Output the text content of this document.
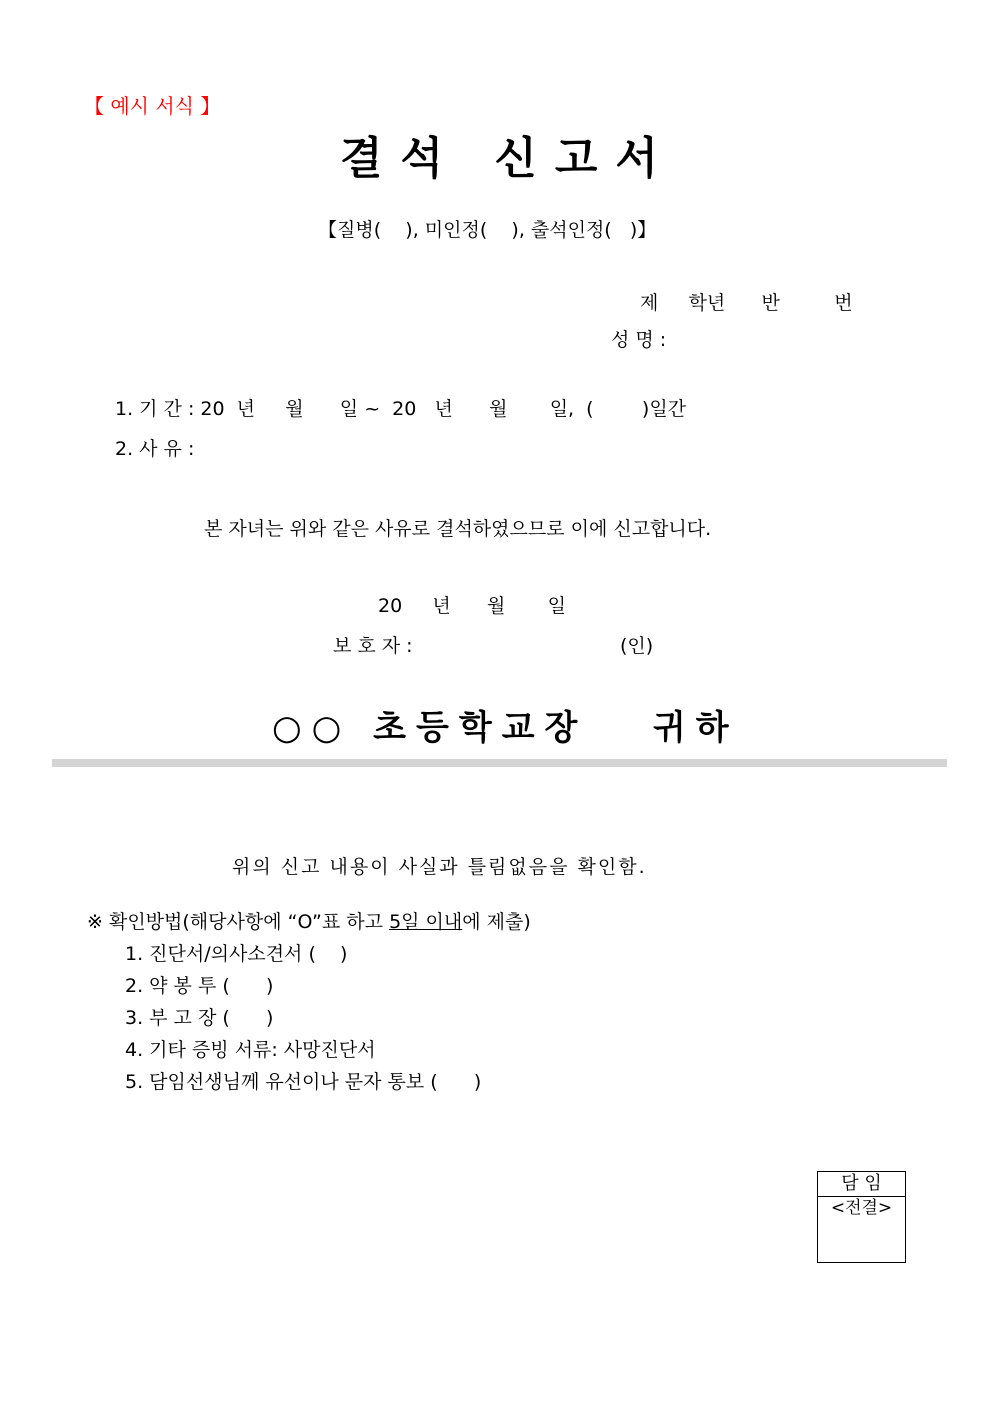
【 예시 서식 】
결석 신고서
【질병(    ), 미인정(    ), 출석인정(   )】
제     학년      반         번
성 명 :
1. 기 간 : 20  년     월      일 ~  20   년      월       일,  (        )일간
2. 사 유 :
본 자녀는 위와 같은 사유로 결석하였으므로 이에 신고합니다.
20     년      월       일
보 호 자 :	(인)
○○ 초등학교장   귀하
위의 신고 내용이 사실과 틀림없음을 확인함.
※ 확인방법(해당사항에 “O”표 하고 5일 이내에 제출)
1. 진단서/의사소견서 (    )
2. 약 봉 투 (      )
3. 부 고 장 (      )
4. 기타 증빙 서류: 사망진단서
5. 담임선생님께 유선이나 문자 통보 (      )
담 임
<전결>
